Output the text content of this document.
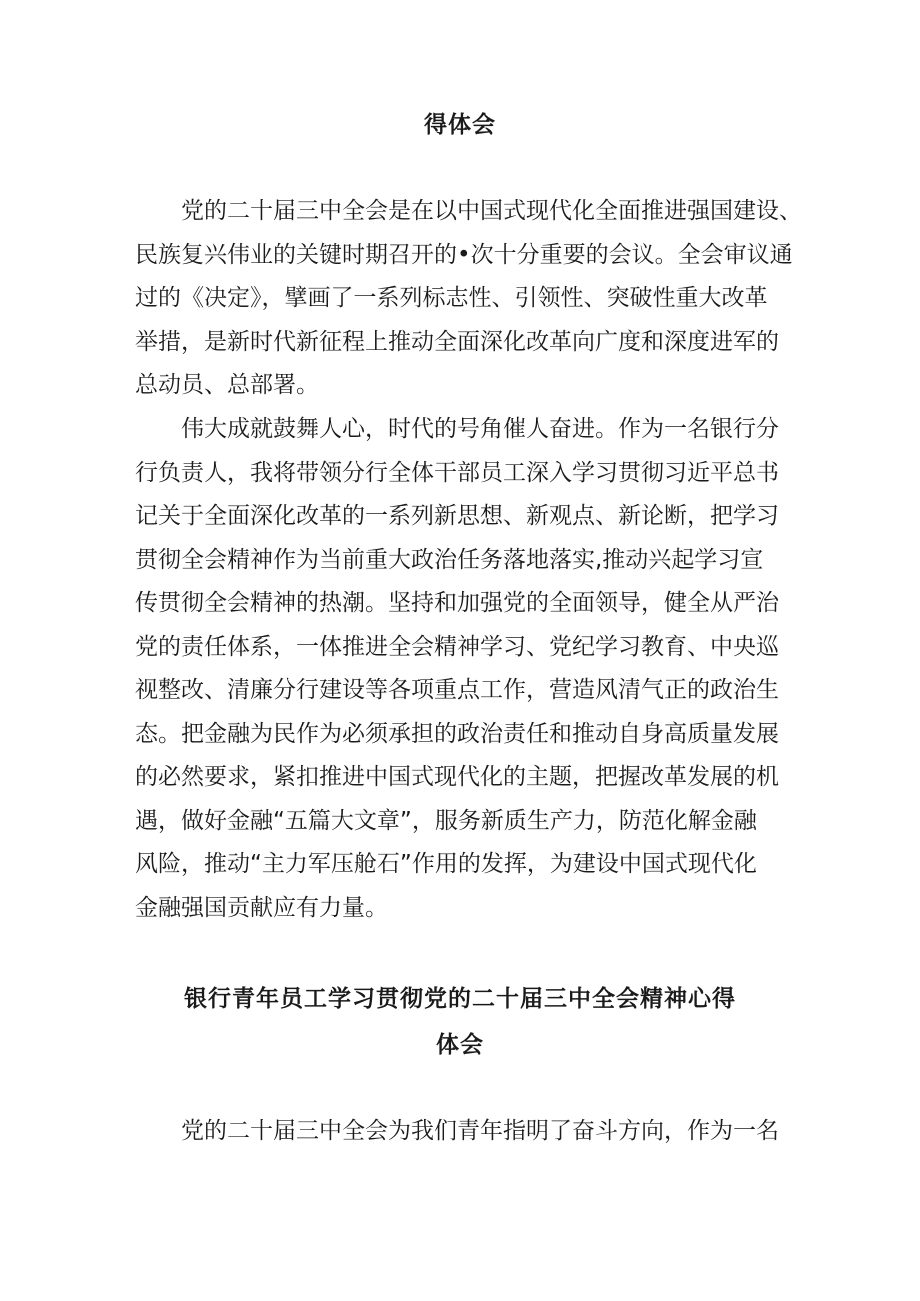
得体会
党的二十届三中全会是在以中国式现代化全面推进强国建设、
民族复兴伟业的关键时期召开的•次十分重要的会议。全会审议通
过的《决定》，擘画了一系列标志性、引领性、突破性重大改革
举措，是新时代新征程上推动全面深化改革向广度和深度进军的
总动员、总部署。
伟大成就鼓舞人心，时代的号角催人奋进。作为一名银行分
行负责人，我将带领分行全体干部员工深入学习贯彻习近平总书
记关于全面深化改革的一系列新思想、新观点、新论断，把学习
贯彻全会精神作为当前重大政治任务落地落实,推动兴起学习宣
传贯彻全会精神的热潮。坚持和加强党的全面领导，健全从严治
党的责任体系，一体推进全会精神学习、党纪学习教育、中央巡
视整改、清廉分行建设等各项重点工作，营造风清气正的政治生
态。把金融为民作为必须承担的政治责任和推动自身高质量发展
的必然要求，紧扣推进中国式现代化的主题，把握改革发展的机
遇，做好金融“五篇大文章”，服务新质生产力，防范化解金融
风险，推动“主力军压舱石”作用的发挥，为建设中国式现代化
金融强国贡献应有力量。
银行青年员工学习贯彻党的二十届三中全会精神心得
体会
党的二十届三中全会为我们青年指明了奋斗方向，作为一名
